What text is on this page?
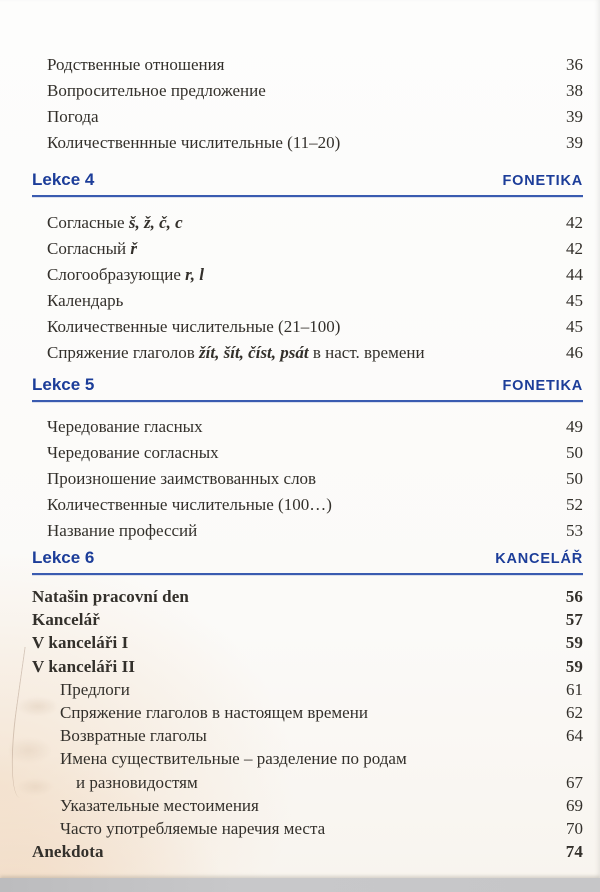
Родственные отношения	36
Вопросительное предложение	38
Погода	39
Количественнные числительные (11–20)	39
Lekce 4	FONETIKA
Согласные š, ž, č, c	42
Согласный ř	42
Слогообразующие r, l	44
Календарь	45
Количественные числительные (21–100)	45
Спряжение глаголов žít, šít, číst, psát в наст. времени	46
Lekce 5	FONETIKA
Чередование гласных	49
Чередование согласных	50
Произношение заимствованных слов	50
Количественные числительные (100…)	52
Название профессий	53
Lekce 6	KANCELÁŘ
Natašin pracovní den	56
Kancelář	57
V kanceláři I	59
V kanceláři II	59
Предлоги	61
Спряжение глаголов в настоящем времени	62
Возвратные глаголы	64
Имена существительные – разделение по родам
и разновидостям	67
Указательные местоимения	69
Часто употребляемые наречия места	70
Anekdota	74
